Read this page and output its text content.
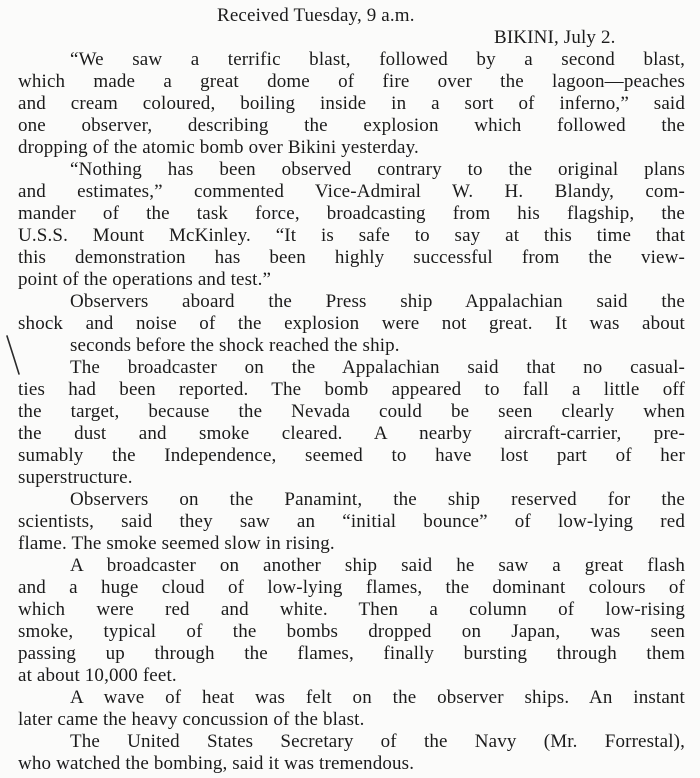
Received Tuesday, 9 a.m.
BIKINI, July 2.
“We saw a terrific blast, followed by a second blast,
which made a great dome of fire over the lagoon—peaches
and cream coloured, boiling inside in a sort of inferno,” said
one observer, describing the explosion which followed the
dropping of the atomic bomb over Bikini yesterday.
“Nothing has been observed contrary to the original plans
and estimates,” commented Vice-Admiral W. H. Blandy, com-
mander of the task force, broadcasting from his flagship, the
U.S.S. Mount McKinley. “It is safe to say at this time that
this demonstration has been highly successful from the view-
point of the operations and test.”
Observers aboard the Press ship Appalachian said the
shock and noise of the explosion were not great. It was about
seconds before the shock reached the ship.
The broadcaster on the Appalachian said that no casual-
ties had been reported. The bomb appeared to fall a little off
the target, because the Nevada could be seen clearly when
the dust and smoke cleared. A nearby aircraft-carrier, pre-
sumably the Independence, seemed to have lost part of her
superstructure.
Observers on the Panamint, the ship reserved for the
scientists, said they saw an “initial bounce” of low-lying red
flame. The smoke seemed slow in rising.
A broadcaster on another ship said he saw a great flash
and a huge cloud of low-lying flames, the dominant colours of
which were red and white. Then a column of low-rising
smoke, typical of the bombs dropped on Japan, was seen
passing up through the flames, finally bursting through them
at about 10,000 feet.
A wave of heat was felt on the observer ships. An instant
later came the heavy concussion of the blast.
The United States Secretary of the Navy (Mr. Forrestal),
who watched the bombing, said it was tremendous.
